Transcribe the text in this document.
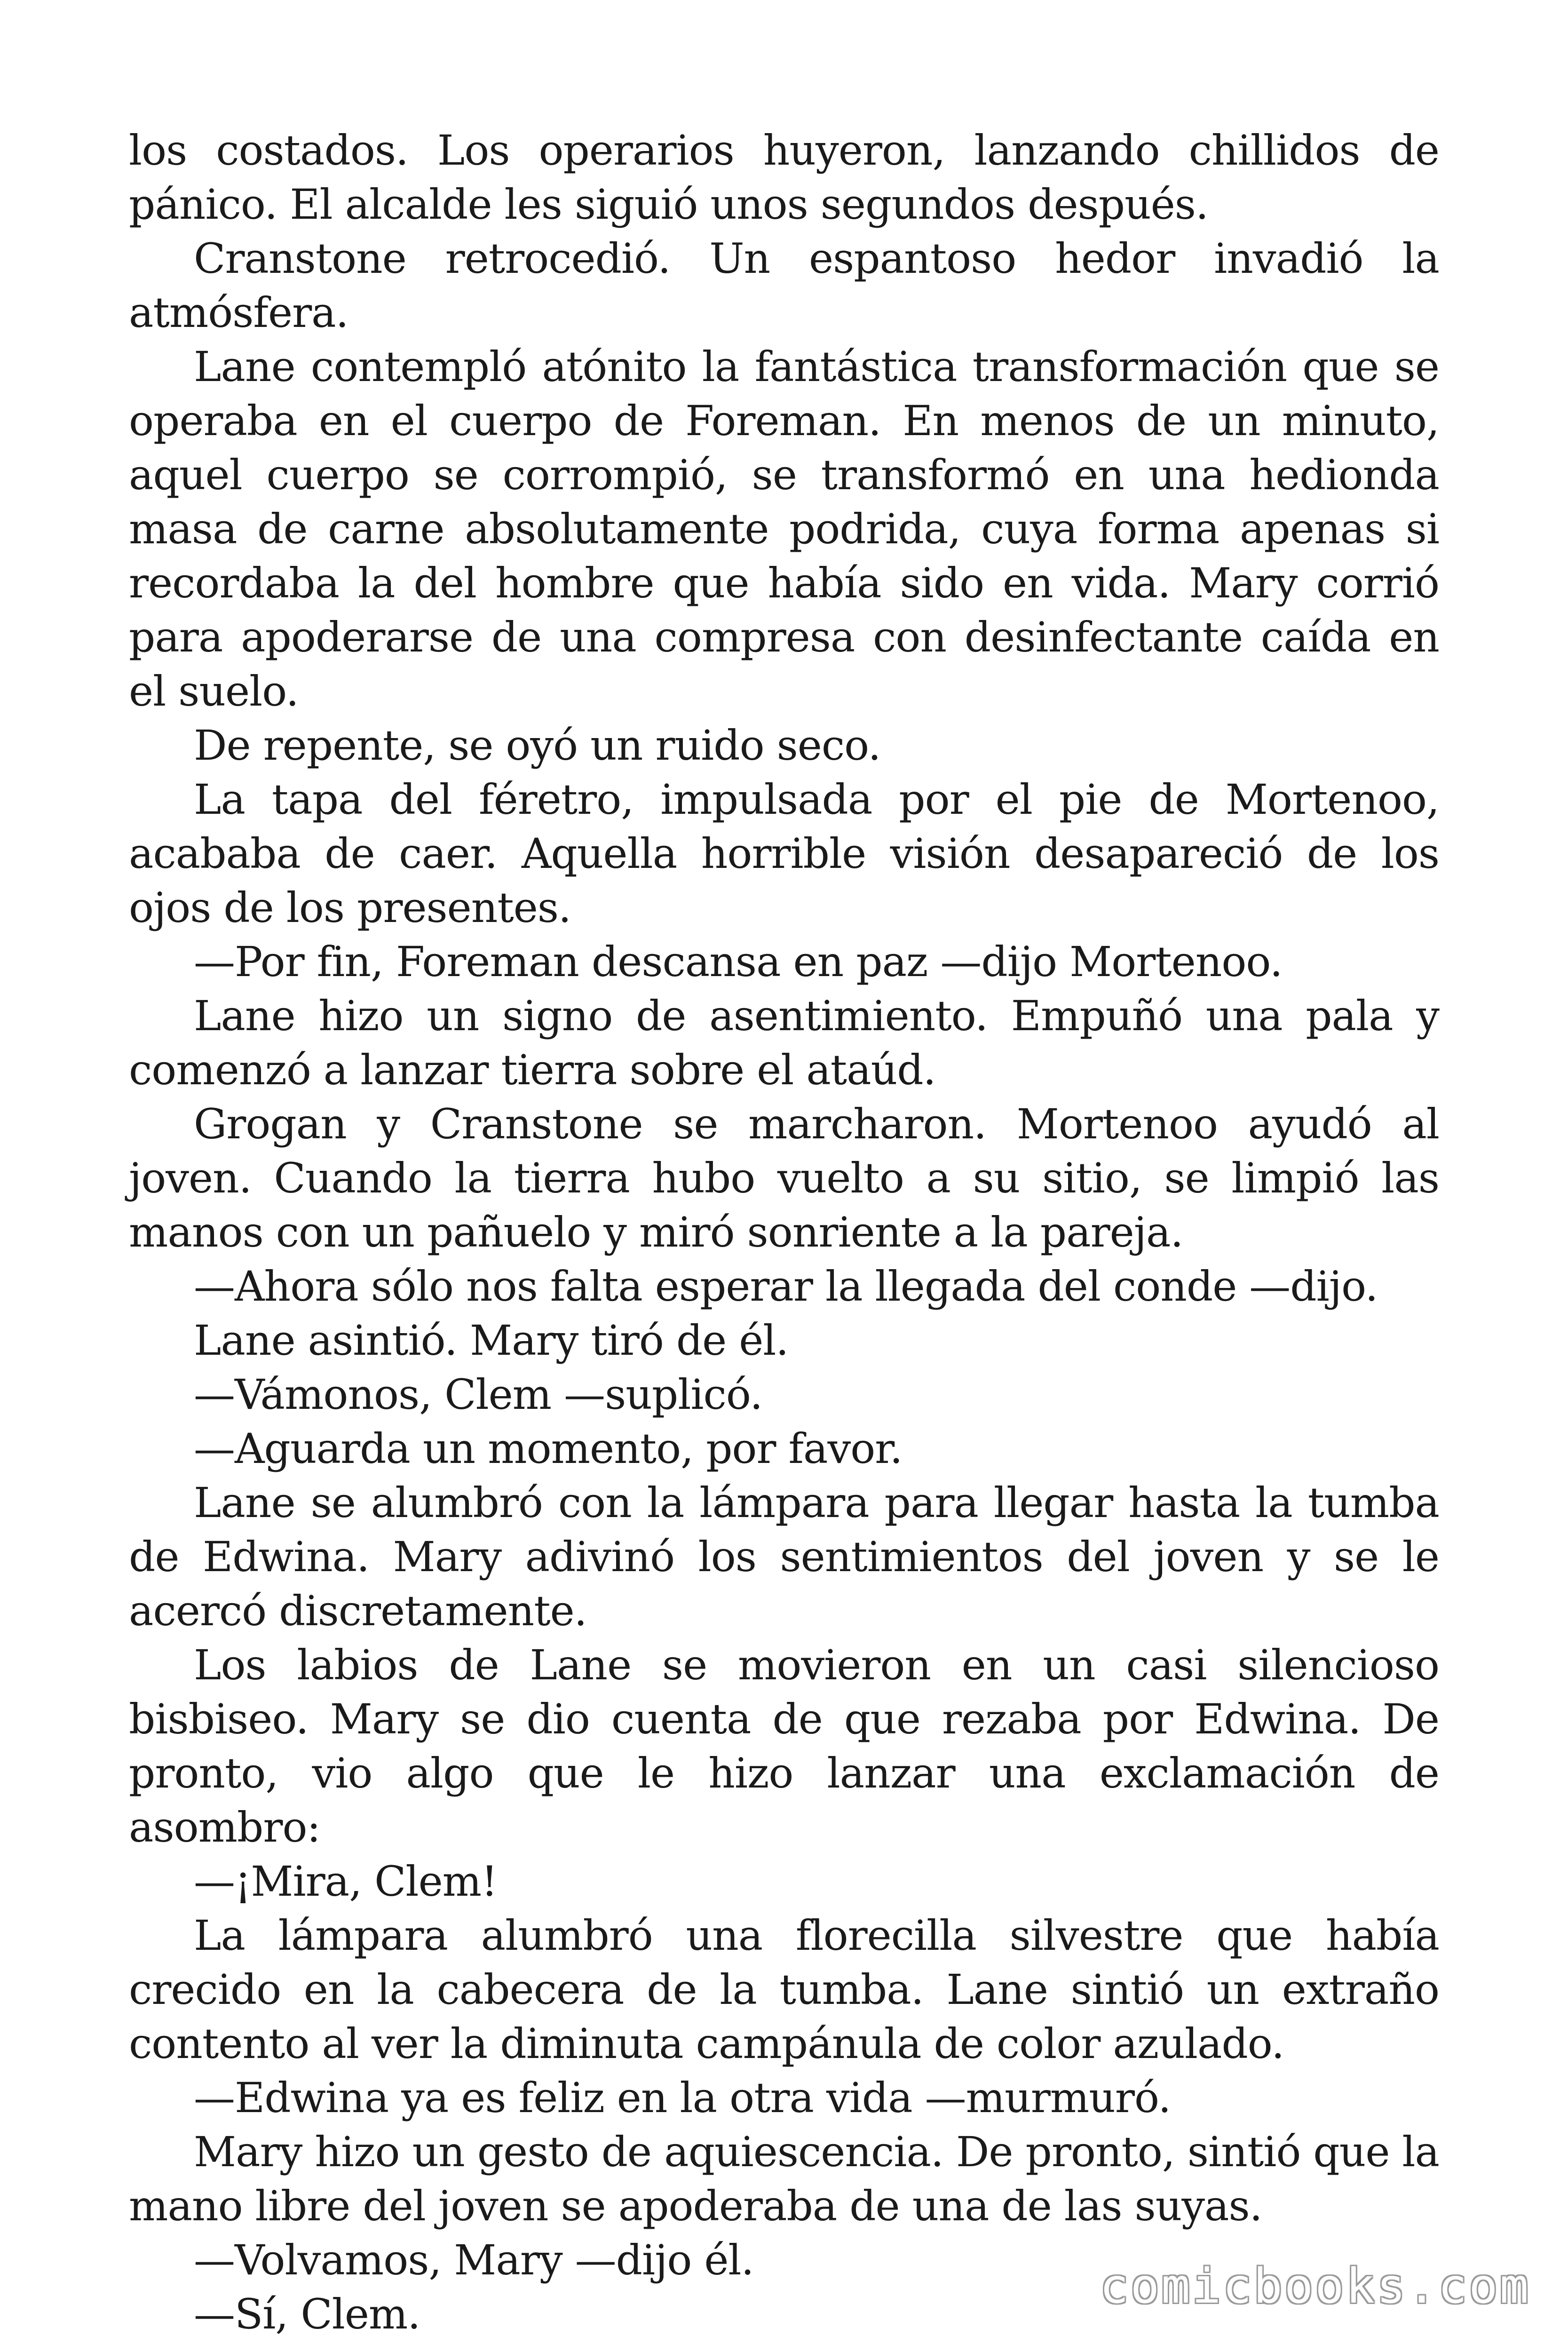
los costados. Los operarios huyeron, lanzando chillidos de pánico. El alcalde les siguió unos segundos después.

Cranstone retrocedió. Un espantoso hedor invadió la atmósfera.

Lane contempló atónito la fantástica transformación que se operaba en el cuerpo de Foreman. En menos de un minuto, aquel cuerpo se corrompió, se transformó en una hedionda masa de carne absolutamente podrida, cuya forma apenas si recordaba la del hombre que había sido en vida. Mary corrió para apoderarse de una compresa con desinfectante caída en el suelo.

De repente, se oyó un ruido seco.

La tapa del féretro, impulsada por el pie de Mortenoo, acababa de caer. Aquella horrible visión desapareció de los ojos de los presentes.

—Por fin, Foreman descansa en paz —dijo Mortenoo.

Lane hizo un signo de asentimiento. Empuñó una pala y comenzó a lanzar tierra sobre el ataúd.

Grogan y Cranstone se marcharon. Mortenoo ayudó al joven. Cuando la tierra hubo vuelto a su sitio, se limpió las manos con un pañuelo y miró sonriente a la pareja.

—Ahora sólo nos falta esperar la llegada del conde —dijo.

Lane asintió. Mary tiró de él.

—Vámonos, Clem —suplicó.

—Aguarda un momento, por favor.

Lane se alumbró con la lámpara para llegar hasta la tumba de Edwina. Mary adivinó los sentimientos del joven y se le acercó discretamente.

Los labios de Lane se movieron en un casi silencioso bisbiseo. Mary se dio cuenta de que rezaba por Edwina. De pronto, vio algo que le hizo lanzar una exclamación de asombro:

—¡Mira, Clem!

La lámpara alumbró una florecilla silvestre que había crecido en la cabecera de la tumba. Lane sintió un extraño contento al ver la diminuta campánula de color azulado.

—Edwina ya es feliz en la otra vida —murmuró.

Mary hizo un gesto de aquiescencia. De pronto, sintió que la mano libre del joven se apoderaba de una de las suyas.

—Volvamos, Mary —dijo él.

—Sí, Clem.	comicbooks.com
